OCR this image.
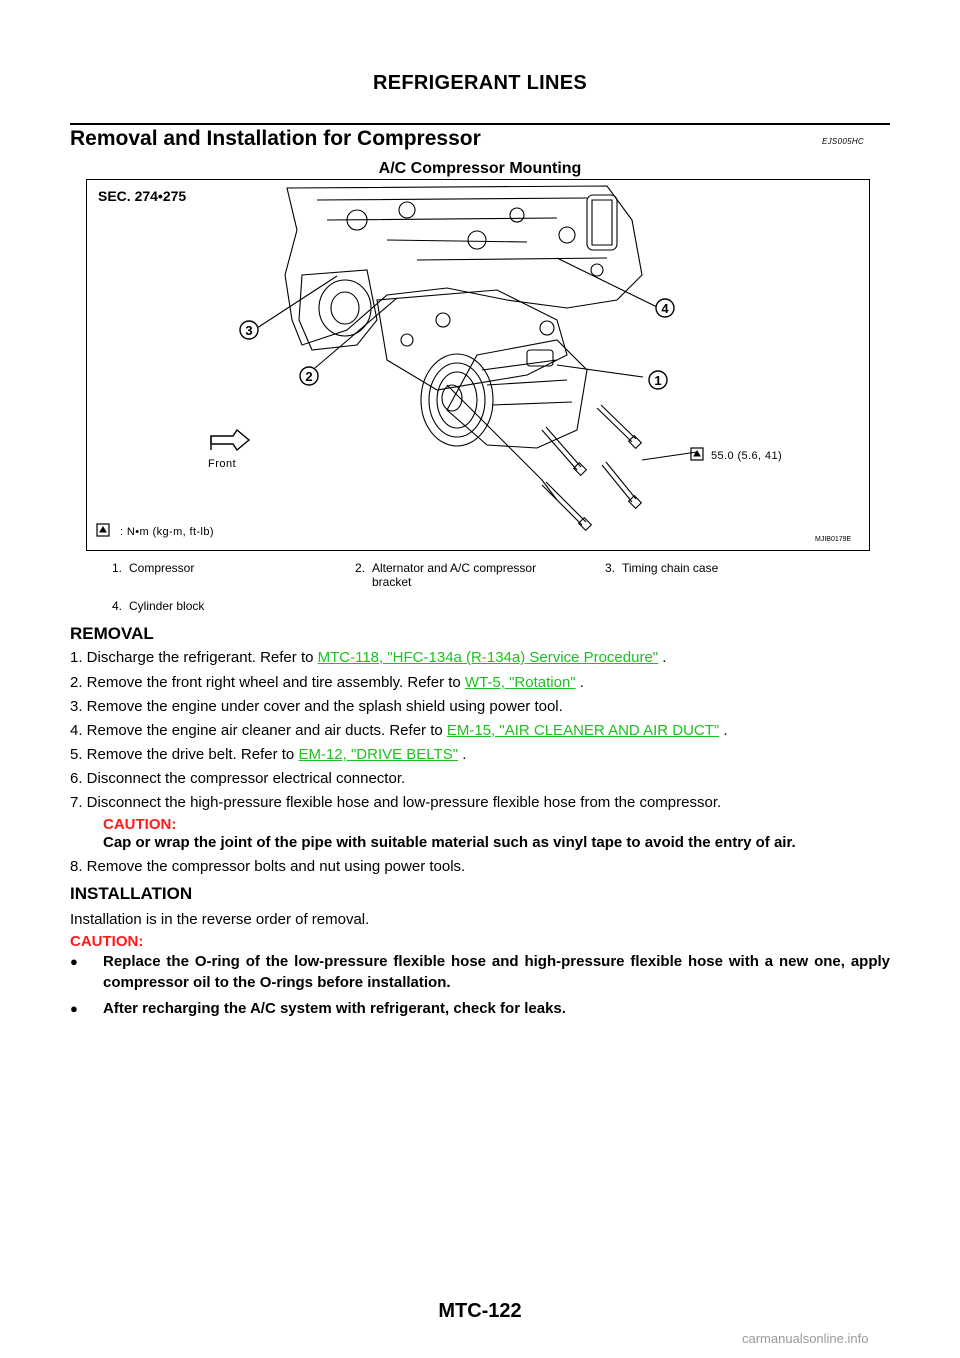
REFRIGERANT LINES
Removal and Installation for Compressor	EJS005HC
A/C Compressor Mounting
SEC. 274•275
3
2
4
1
Front
55.0 (5.6, 41)
: N•m (kg-m, ft-lb)
MJIB0179E
1. Compressor	2. Alternator and A/C compressor bracket
3. Timing chain case
4. Cylinder block
REMOVAL
1. Discharge the refrigerant. Refer to MTC-118, "HFC-134a (R-134a) Service Procedure" .
2. Remove the front right wheel and tire assembly. Refer to WT-5, "Rotation" .
3. Remove the engine under cover and the splash shield using power tool.
4. Remove the engine air cleaner and air ducts. Refer to EM-15, "AIR CLEANER AND AIR DUCT" .
5. Remove the drive belt. Refer to EM-12, "DRIVE BELTS" .
6. Disconnect the compressor electrical connector.
7. Disconnect the high-pressure flexible hose and low-pressure flexible hose from the compressor.
CAUTION:
Cap or wrap the joint of the pipe with suitable material such as vinyl tape to avoid the entry of air.
8. Remove the compressor bolts and nut using power tools.
INSTALLATION
Installation is in the reverse order of removal.
CAUTION:
● Replace the O-ring of the low-pressure flexible hose and high-pressure flexible hose with a new one, apply compressor oil to the O-rings before installation.
● After recharging the A/C system with refrigerant, check for leaks.
MTC-122
carmanualsonline.info
